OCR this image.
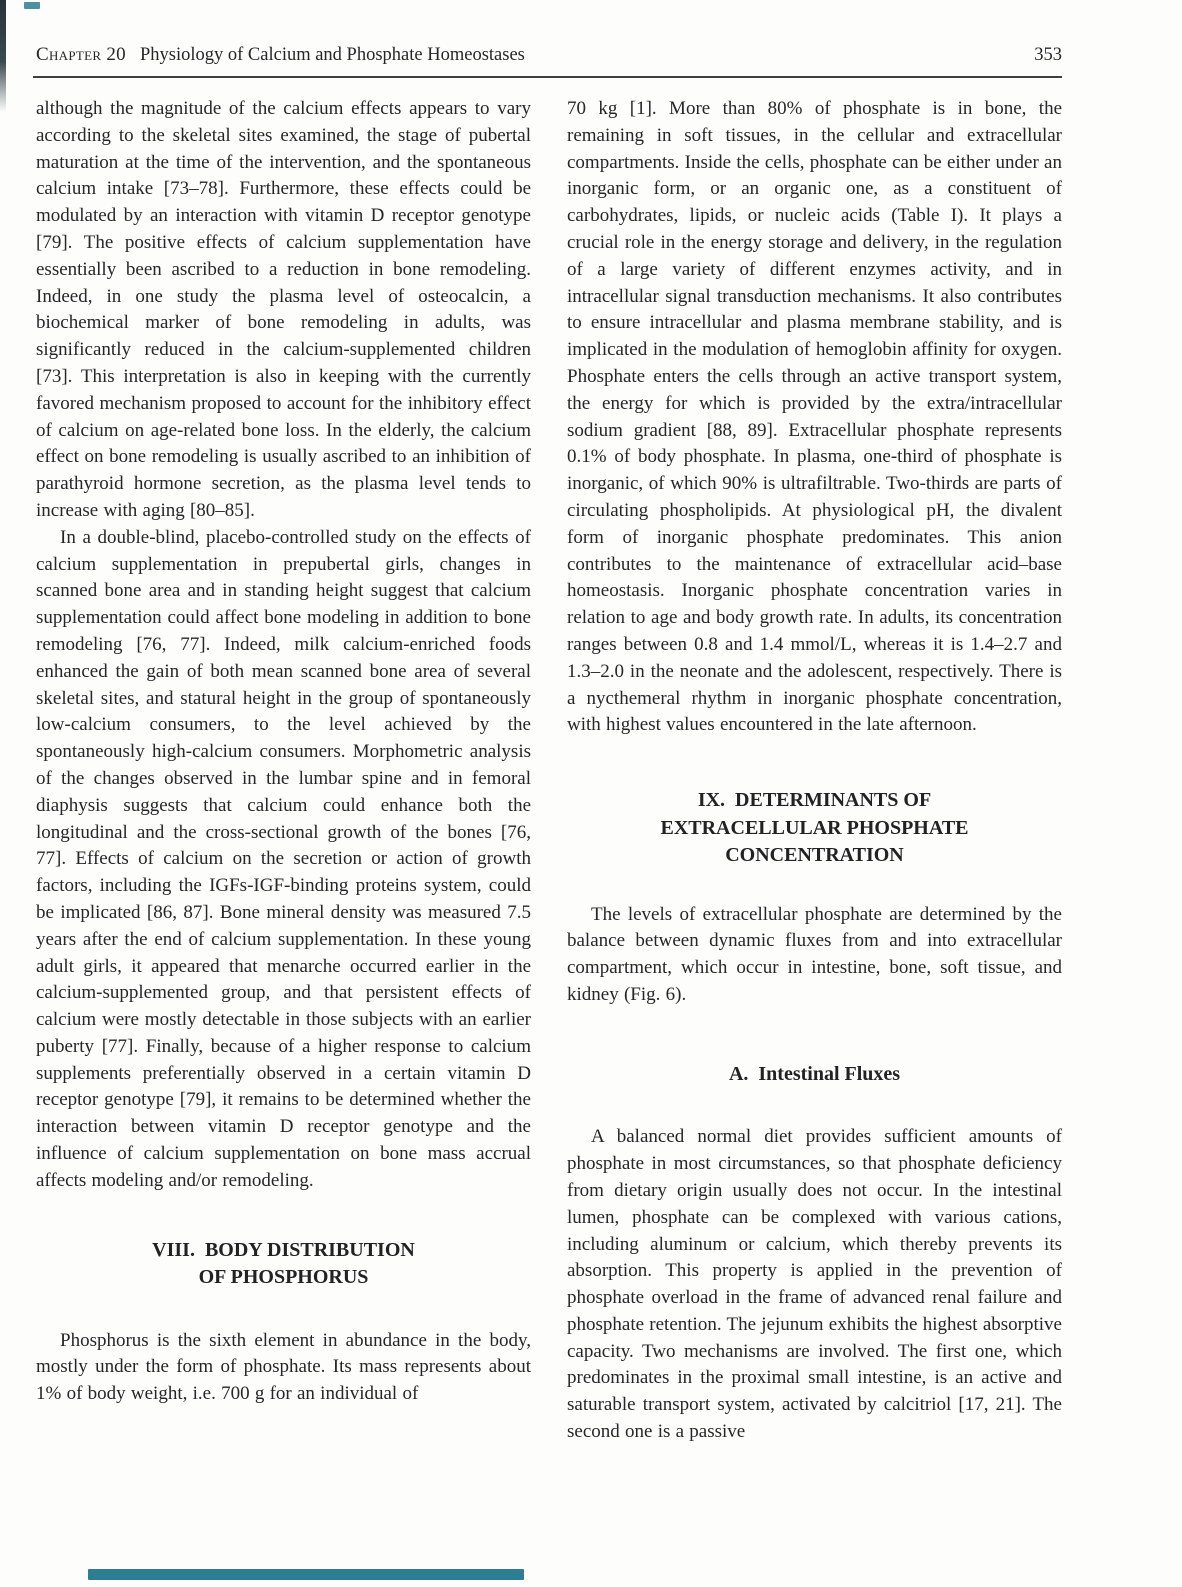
Chapter 20 Physiology of Calcium and Phosphate Homeostases	353

although the magnitude of the calcium effects appears to vary according to the skeletal sites examined, the stage of pubertal maturation at the time of the intervention, and the spontaneous calcium intake [73–78]. Furthermore, these effects could be modulated by an interaction with vitamin D receptor genotype [79]. The positive effects of calcium supplementation have essentially been ascribed to a reduction in bone remodeling. Indeed, in one study the plasma level of osteocalcin, a biochemical marker of bone remodeling in adults, was significantly reduced in the calcium-supplemented children [73]. This interpretation is also in keeping with the currently favored mechanism proposed to account for the inhibitory effect of calcium on age-related bone loss. In the elderly, the calcium effect on bone remodeling is usually ascribed to an inhibition of parathyroid hormone secretion, as the plasma level tends to increase with aging [80–85].

In a double-blind, placebo-controlled study on the effects of calcium supplementation in prepubertal girls, changes in scanned bone area and in standing height suggest that calcium supplementation could affect bone modeling in addition to bone remodeling [76, 77]. Indeed, milk calcium-enriched foods enhanced the gain of both mean scanned bone area of several skeletal sites, and statural height in the group of spontaneously low-calcium consumers, to the level achieved by the spontaneously high-calcium consumers. Morphometric analysis of the changes observed in the lumbar spine and in femoral diaphysis suggests that calcium could enhance both the longitudinal and the cross-sectional growth of the bones [76, 77]. Effects of calcium on the secretion or action of growth factors, including the IGFs-IGF-binding proteins system, could be implicated [86, 87]. Bone mineral density was measured 7.5 years after the end of calcium supplementation. In these young adult girls, it appeared that menarche occurred earlier in the calcium-supplemented group, and that persistent effects of calcium were mostly detectable in those subjects with an earlier puberty [77]. Finally, because of a higher response to calcium supplements preferentially observed in a certain vitamin D receptor genotype [79], it remains to be determined whether the interaction between vitamin D receptor genotype and the influence of calcium supplementation on bone mass accrual affects modeling and/or remodeling.

VIII. BODY DISTRIBUTION
OF PHOSPHORUS

Phosphorus is the sixth element in abundance in the body, mostly under the form of phosphate. Its mass represents about 1% of body weight, i.e. 700 g for an individual of

70 kg [1]. More than 80% of phosphate is in bone, the remaining in soft tissues, in the cellular and extracellular compartments. Inside the cells, phosphate can be either under an inorganic form, or an organic one, as a constituent of carbohydrates, lipids, or nucleic acids (Table I). It plays a crucial role in the energy storage and delivery, in the regulation of a large variety of different enzymes activity, and in intracellular signal transduction mechanisms. It also contributes to ensure intracellular and plasma membrane stability, and is implicated in the modulation of hemoglobin affinity for oxygen. Phosphate enters the cells through an active transport system, the energy for which is provided by the extra/intracellular sodium gradient [88, 89]. Extracellular phosphate represents 0.1% of body phosphate. In plasma, one-third of phosphate is inorganic, of which 90% is ultrafiltrable. Two-thirds are parts of circulating phospholipids. At physiological pH, the divalent form of inorganic phosphate predominates. This anion contributes to the maintenance of extracellular acid–base homeostasis. Inorganic phosphate concentration varies in relation to age and body growth rate. In adults, its concentration ranges between 0.8 and 1.4 mmol/L, whereas it is 1.4–2.7 and 1.3–2.0 in the neonate and the adolescent, respectively. There is a nycthemeral rhythm in inorganic phosphate concentration, with highest values encountered in the late afternoon.

IX. DETERMINANTS OF
EXTRACELLULAR PHOSPHATE
CONCENTRATION

The levels of extracellular phosphate are determined by the balance between dynamic fluxes from and into extracellular compartment, which occur in intestine, bone, soft tissue, and kidney (Fig. 6).

A. Intestinal Fluxes

A balanced normal diet provides sufficient amounts of phosphate in most circumstances, so that phosphate deficiency from dietary origin usually does not occur. In the intestinal lumen, phosphate can be complexed with various cations, including aluminum or calcium, which thereby prevents its absorption. This property is applied in the prevention of phosphate overload in the frame of advanced renal failure and phosphate retention. The jejunum exhibits the highest absorptive capacity. Two mechanisms are involved. The first one, which predominates in the proximal small intestine, is an active and saturable transport system, activated by calcitriol [17, 21]. The second one is a passive
